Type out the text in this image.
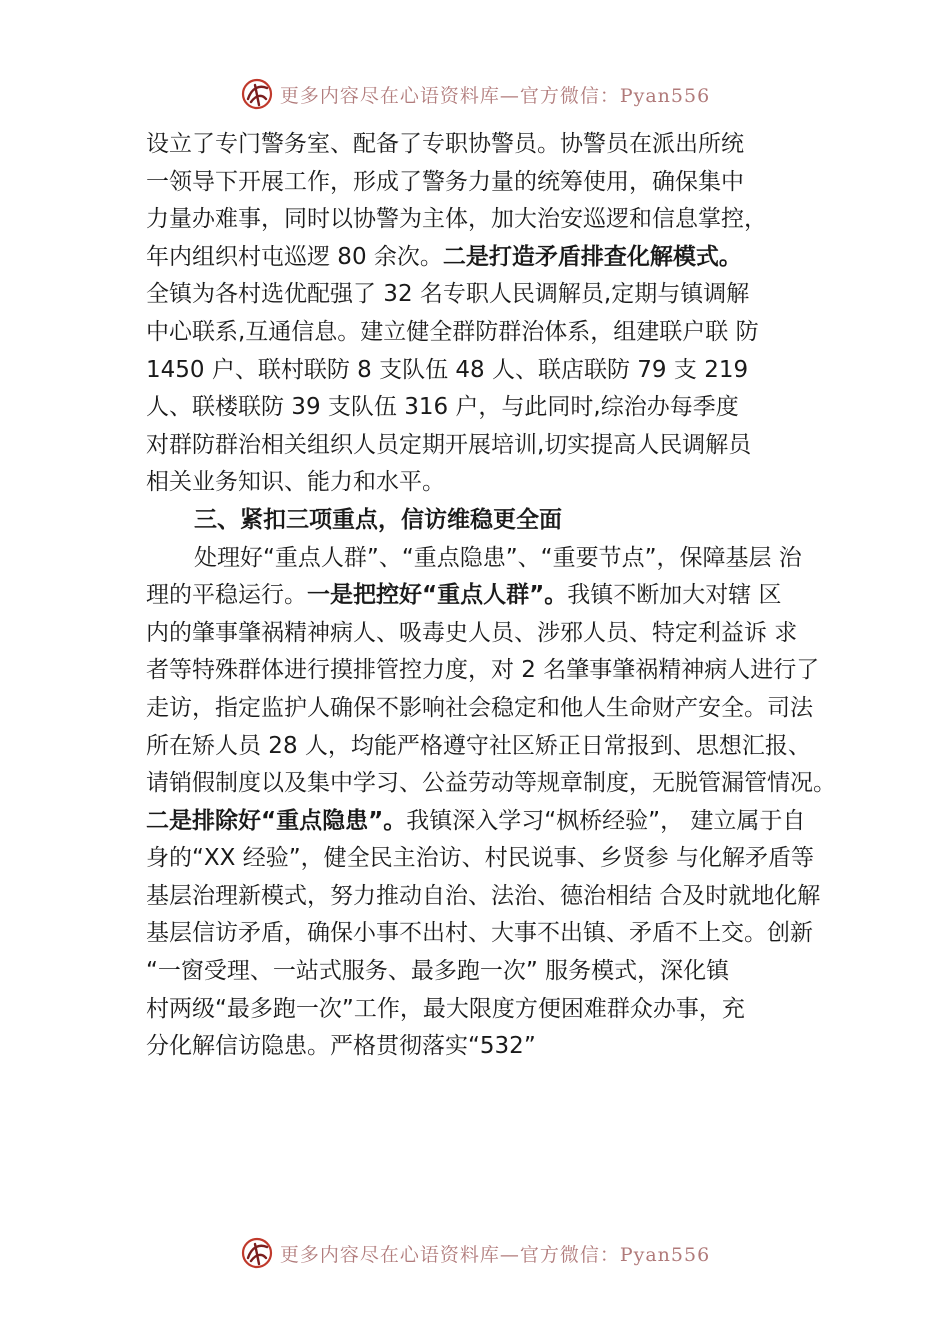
更多内容尽在心语资料库—官方微信：Pyan556
设立了专门警务室、配备了专职协警员。协警员在派出所统
一领导下开展工作，形成了警务力量的统筹使用，确保集中
力量办难事，同时以协警为主体，加大治安巡逻和信息掌控，
年内组织村屯巡逻 80 余次。二是打造矛盾排查化解模式。
全镇为各村选优配强了 32 名专职人民调解员,定期与镇调解
中心联系,互通信息。建立健全群防群治体系，组建联户联 防
1450 户、联村联防 8 支队伍 48 人、联店联防 79 支 219
人、联楼联防 39 支队伍 316 户，与此同时,综治办每季度
对群防群治相关组织人员定期开展培训,切实提高人民调解员
相关业务知识、能力和水平。
三、紧扣三项重点，信访维稳更全面
处理好“重点人群”、“重点隐患”、“重要节点”，保障基层 治
理的平稳运行。一是把控好“重点人群”。我镇不断加大对辖 区
内的肇事肇祸精神病人、吸毒史人员、涉邪人员、特定利益诉 求
者等特殊群体进行摸排管控力度，对 2 名肇事肇祸精神病人进行了
走访，指定监护人确保不影响社会稳定和他人生命财产安全。司法
所在矫人员 28 人，均能严格遵守社区矫正日常报到、思想汇报、
请销假制度以及集中学习、公益劳动等规章制度，无脱管漏管情况。
二是排除好“重点隐患”。我镇深入学习“枫桥经验”， 建立属于自
身的“XX 经验”，健全民主治访、村民说事、乡贤参 与化解矛盾等
基层治理新模式，努力推动自治、法治、德治相结 合及时就地化解
基层信访矛盾，确保小事不出村、大事不出镇、矛盾不上交。创新
“一窗受理、一站式服务、最多跑一次” 服务模式，深化镇
村两级“最多跑一次”工作，最大限度方便困难群众办事，充
分化解信访隐患。严格贯彻落实“532”
更多内容尽在心语资料库—官方微信：Pyan556
